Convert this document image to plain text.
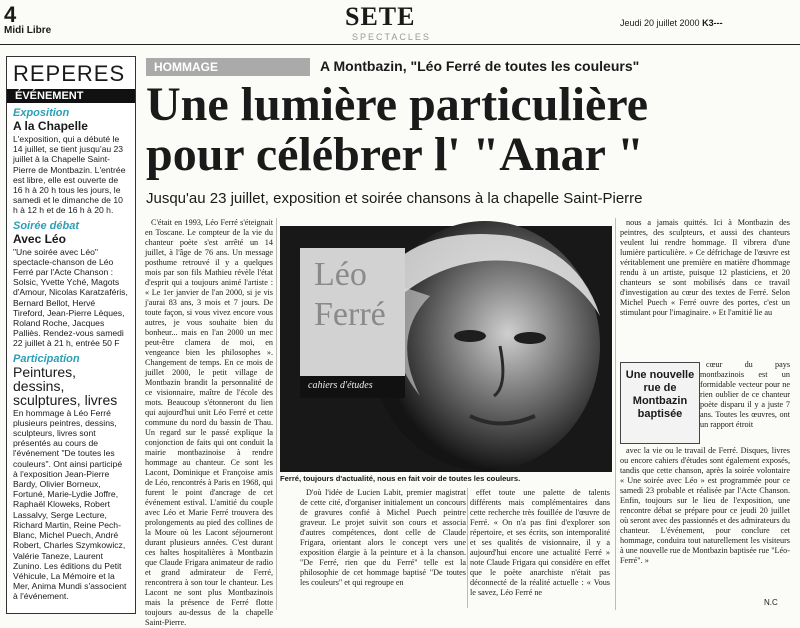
4
Midi Libre	SETE
SPECTACLES
Jeudi 20 juillet 2000 K3---
REPERES
ÉVÉNEMENT
Exposition
A la Chapelle
L'exposition, qui a débuté le 14 juillet, se tient jusqu'au 23 juillet à la Chapelle Saint-Pierre de Montbazin. L'entrée est libre, elle est ouverte de 16 h à 20 h tous les jours, le samedi et le dimanche de 10 h à 12 h et de 16 h à 20 h.
Soirée débat
Avec Léo
"Une soirée avec Léo" spectacle-chanson de Léo Ferré par l'Acte Chanson : Solsic, Yvette Yché, Magots d'Amour, Nicolas Karatzaféris, Bernard Bellot, Hervé Tireford, Jean-Pierre Lèques, Roland Roche, Jacques Palliès. Rendez-vous samedi 22 juillet à 21 h, entrée 50 F
Participation
Peintures, dessins, sculptures, livres
En hommage à Léo Ferré plusieurs peintres, dessins, sculpteurs, livres sont présentés au cours de l'événement "De toutes les couleurs". Ont ainsi participé à l'exposition Jean-Pierre Bardy, Olivier Borneux, Fortuné, Marie-Lydie Joffre, Raphaël Kloweks, Robert Lassalvy, Serge Lecture, Richard Martin, Reine Pech-Blanc, Michel Puech, André Robert, Charles Szymkowicz, Valérie Taneze, Laurent Zunino. Les éditions du Petit Véhicule, La Mémoire et la Mer, Anima Mundi s'associent à l'événement.
HOMMAGE	A Montbazin, "Léo Ferré de toutes les couleurs"
Une lumière particulière
pour célébrer l' "Anar "
Jusqu'au 23 juillet, exposition et soirée chansons à la chapelle Saint-Pierre

C'était en 1993, Léo Ferré s'éteignait en Toscane. Le compteur de la vie du chanteur poète s'est arrêté un 14 juillet, à l'âge de 76 ans. Un message posthume retrouvé il y a quelques mois par son fils Mathieu révèle l'état d'esprit qui a toujours animé l'artiste : « Le 1er janvier de l'an 2000, si je vis j'aurai 83 ans, 3 mois et 7 jours. De toute façon, si vous vivez encore vous autres, je vous souhaite bien du bonheur... mais en l'an 2000 un mec peut-être clamera de moi, en vengeance bien les philosophes ». Changement de temps. En ce mois de juillet 2000, le petit village de Montbazin brandit la personnalité de ce visionnaire, maître de l'école des mots. Beaucoup s'étonneront du lien qui aujourd'hui unit Léo Ferré et cette commune du nord du bassin de Thau. Un regard sur le passé explique la conjonction de faits qui ont conduit la mairie montbazinoise à rendre hommage au chanteur. Ce sont les Lacont, Dominique et Françoise amis de Léo, rencontrés à Paris en 1968, qui furent le point d'ancrage de cet événement estival. L'amitié du couple avec Léo et Marie Ferré trouvera des prolongements au pied des collines de la Moure où les Lacont séjourneront durant plusieurs années. C'est durant ces haltes hospitalières à Montbazin que Claude Frigara animateur de radio et grand admirateur de Ferré, rencontrera à son tour le chanteur. Les Lacont ne sont plus Montbazinois mais la présence de Ferré flotte toujours au-dessus de la chapelle Saint-Pierre.

Léo
Ferré
cahiers d'études
Ferré, toujours d'actualité, nous en fait voir de toutes les couleurs.

D'où l'idée de Lucien Labit, premier magistrat de cette cité, d'organiser initialement un concours de gravures confié à Michel Puech peintre graveur. Le projet suivit son cours et associa d'autres compétences, dont celle de Claude Frigara, orientant alors le concept vers une exposition élargie à la peinture et à la chanson. "De Ferré, rien que du Ferré" telle est la philosophie de cet hommage baptisé "De toutes les couleurs" et qui regroupe en

effet toute une palette de talents différents mais complémentaires dans cette recherche très fouillée de l'œuvre de Ferré. « On n'a pas fini d'explorer son répertoire, et ses écrits, son intemporalité et ses qualités de visionnaire, il y a aujourd'hui encore une actualité Ferré » note Claude Frigara qui considère en effet que le poète anarchiste n'était pas déconnecté de la réalité actuelle : « Vous le savez, Léo Ferré ne

nous a jamais quittés. Ici à Montbazin des peintres, des sculpteurs, et aussi des chanteurs veulent lui rendre hommage. Il vibrera d'une lumière particulière. » Ce défrichage de l'œuvre est véritablement une première en matière d'hommage rendu à un artiste, puisque 12 plasticiens, et 20 chanteurs se sont mobilisés dans ce travail d'investigation au cœur des textes de Ferré. Selon Michel Puech « Ferré ouvre des portes, c'est un stimulant pour l'imaginaire. » Et l'amitié lie au

Une nouvelle rue de Montbazin baptisée

cœur du pays montbazinois est un formidable vecteur pour ne rien oublier de ce chanteur poète disparu il y a juste 7 ans. Toutes les œuvres, ont un rapport étroit

avec la vie ou le travail de Ferré. Disques, livres ou encore cahiers d'études sont également exposés, tandis que cette chanson, après la soirée volontaire « Une soirée avec Léo » est programmée pour ce samedi 23 probable et réalisée par l'Acte Chanson. Enfin, toujours sur le lieu de l'exposition, une rencontre débat se prépare pour ce jeudi 20 juillet où seront avec des passionnés et des admirateurs du chanteur. L'événement, pour conclure cet hommage, conduira tout naturellement les visiteurs à une nouvelle rue de Montbazin baptisée rue "Léo-Ferré". »

N.C
